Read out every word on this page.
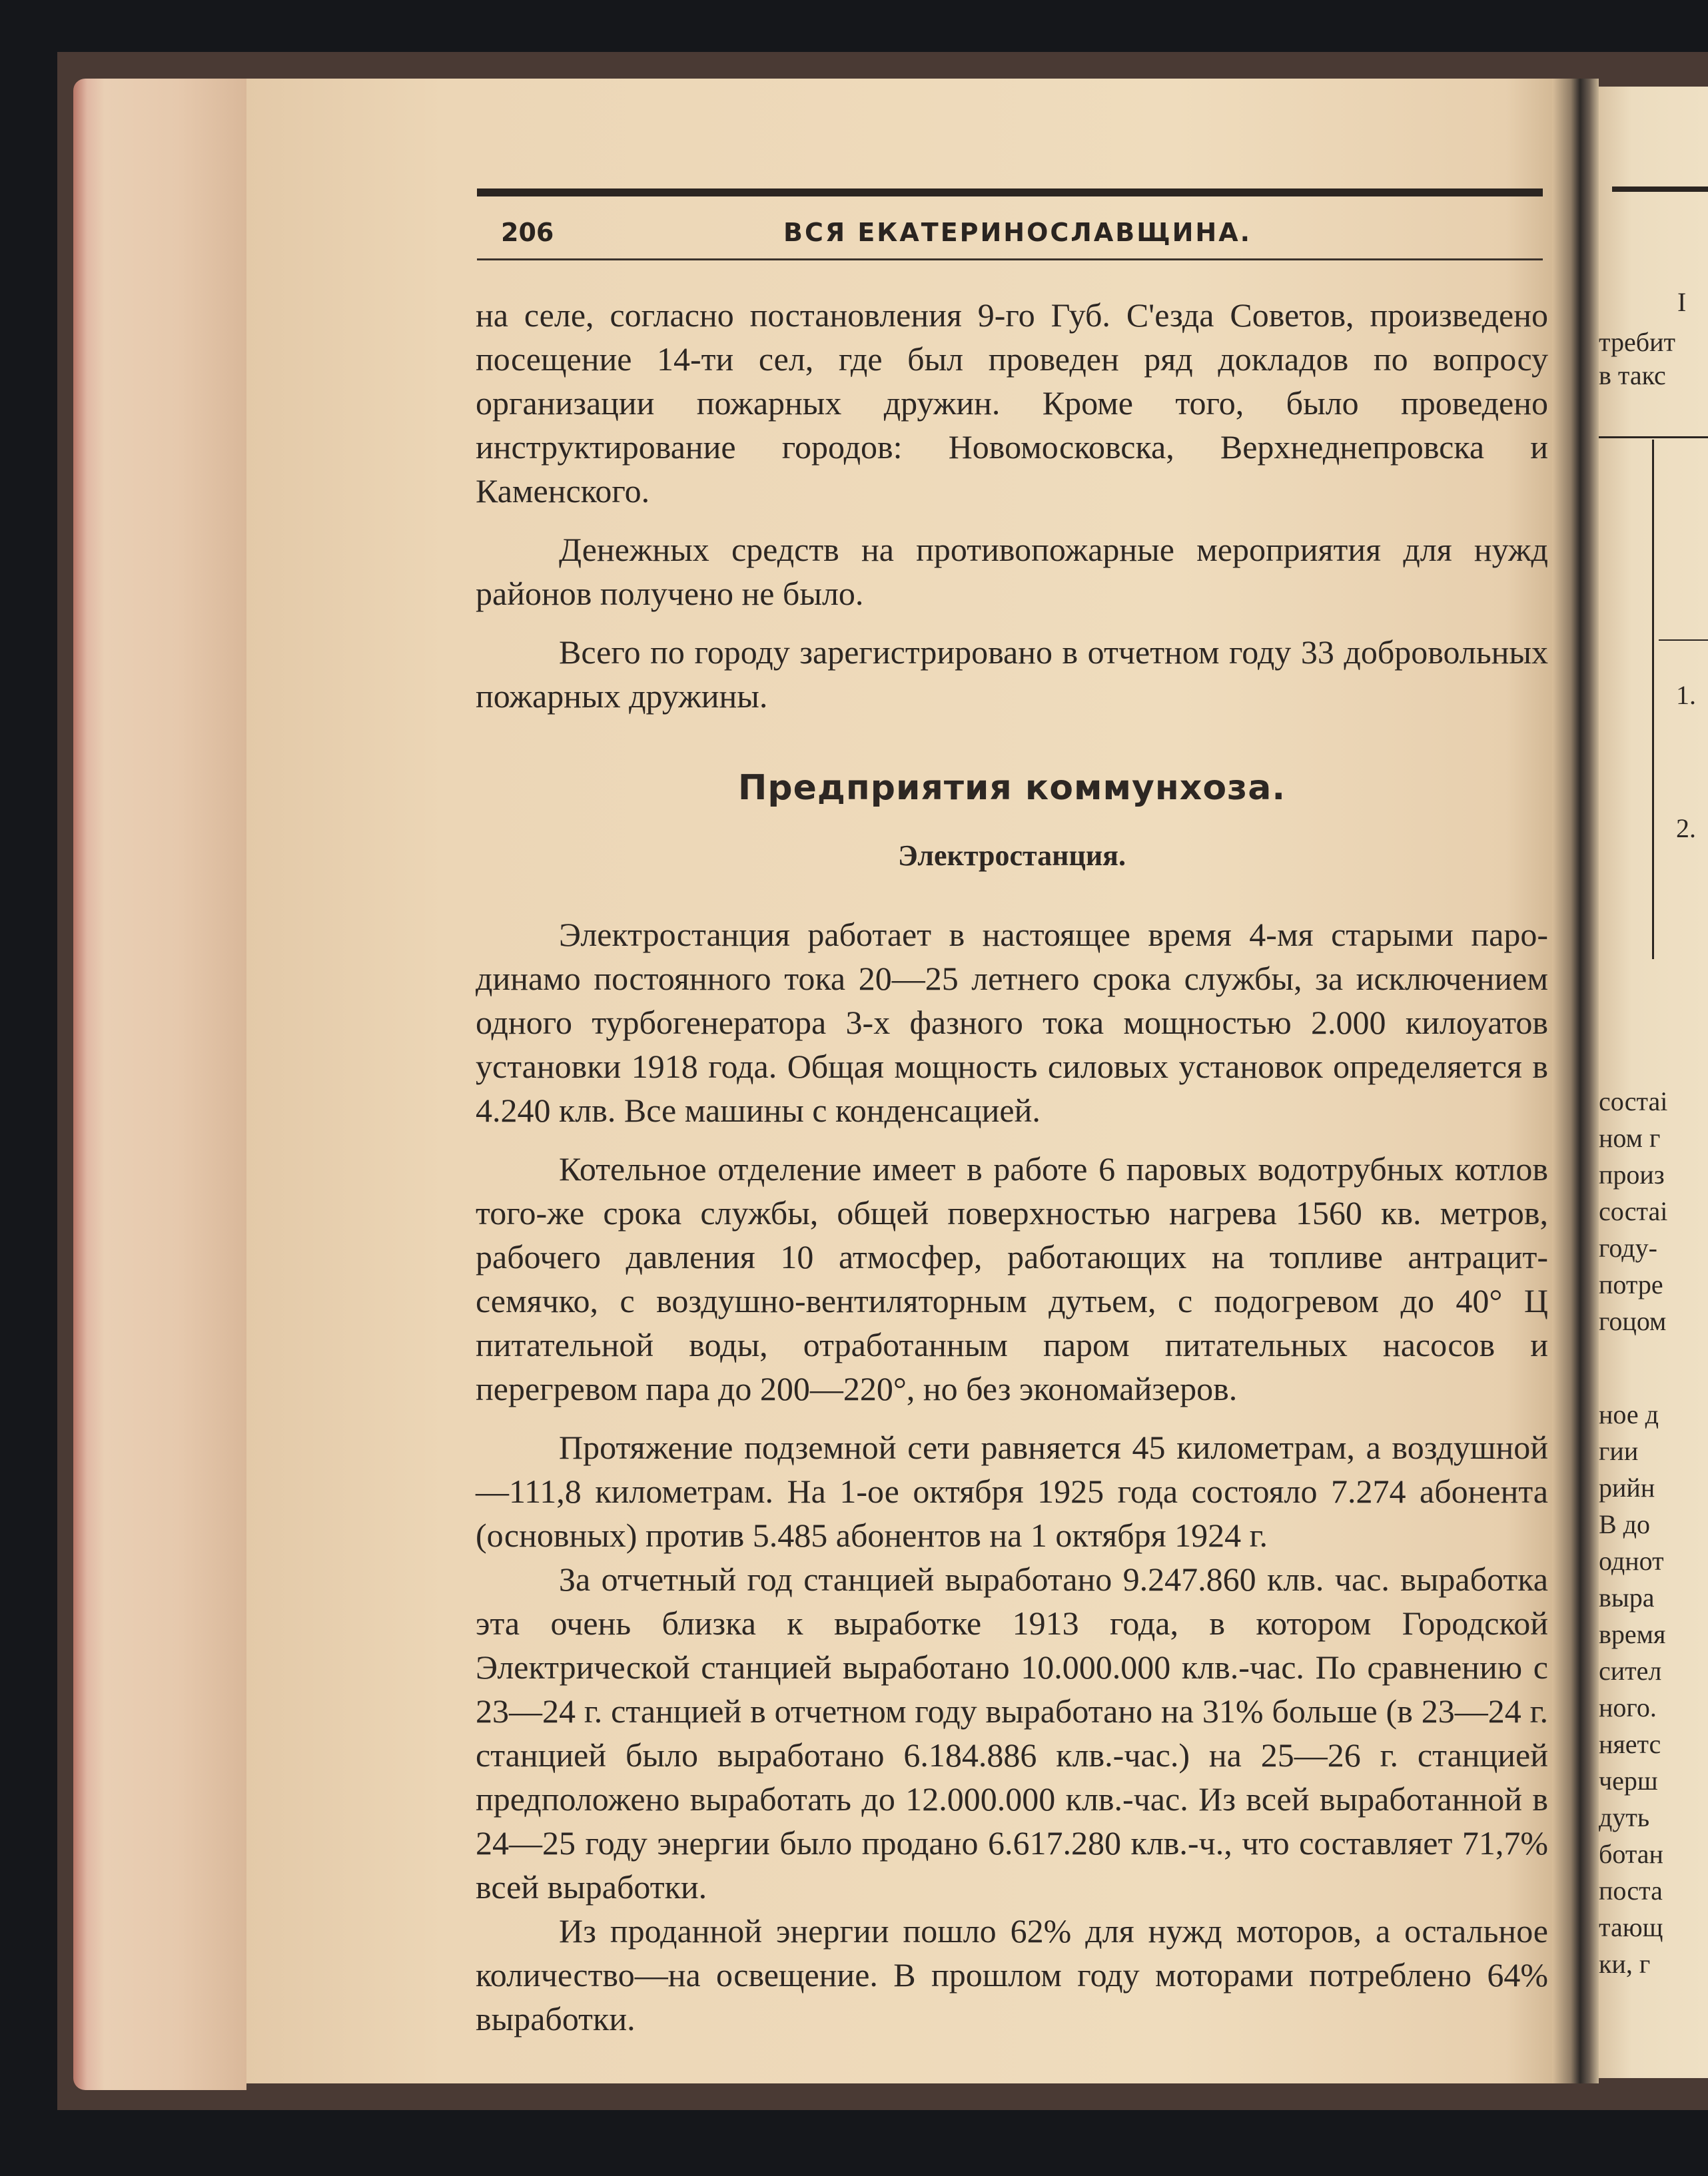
І
требит
в такс
1.
2.
состаі
ном г
произ
состаі
году-
потре
гоцом
ное д
гии
рийн
В до
однот
выра
время
сител
ного.
няетс
черш
дуть
ботан
поста
тающ
ки, г
206	ВСЯ ЕКАТЕРИНОСЛАВЩИНА.

на селе, согласно постановления 9-го Губ. С'езда Советов, произведено посещение 14-ти сел, где был проведен ряд докладов по вопросу организации пожарных дружин. Кроме того, было проведено инструктирование городов: Новомосковска, Верхнеднепровска и Каменского.

Денежных средств на противопожарные мероприятия для нужд районов получено не было.

Всего по городу зарегистрировано в отчетном году 33 добровольных пожарных дружины.

Предприятия коммунхоза.
Электростанция.

Электростанция работает в настоящее время 4-мя старыми паро-динамо постоянного тока 20—25 летнего срока службы, за исключением одного турбогенератора 3-х фазного тока мощностью 2.000 килоуатов установки 1918 года. Общая мощность силовых установок определяется в 4.240 клв. Все машины с конденсацией.

Котельное отделение имеет в работе 6 паровых водотрубных котлов того-же срока службы, общей поверхностью нагрева 1560 кв. метров, рабочего давления 10 атмосфер, работающих на топливе антрацит-семячко, с воздушно-вентиляторным дутьем, с подогревом до 40° Ц питательной воды, отработанным паром питательных насосов и перегревом пара до 200—220°, но без экономайзеров.

Протяжение подземной сети равняется 45 километрам, а воздушной—111,8 километрам. На 1-ое октября 1925 года состояло 7.274 абонента (основных) против 5.485 абонентов на 1 октября 1924 г.

За отчетный год станцией выработано 9.247.860 клв. час. выработка эта очень близка к выработке 1913 года, в котором Городской Электрической станцией выработано 10.000.000 клв.-час. По сравнению с 23—24 г. станцией в отчетном году выработано на 31% больше (в 23—24 г. станцией было выработано 6.184.886 клв.-час.) на 25—26 г. станцией предположено выработать до 12.000.000 клв.-час. Из всей выработанной в 24—25 году энергии было продано 6.617.280 клв.-ч., что составляет 71,7% всей выработки.

Из проданной энергии пошло 62% для нужд моторов, а остальное количество—на освещение. В прошлом году моторами потреблено 64% выработки.
